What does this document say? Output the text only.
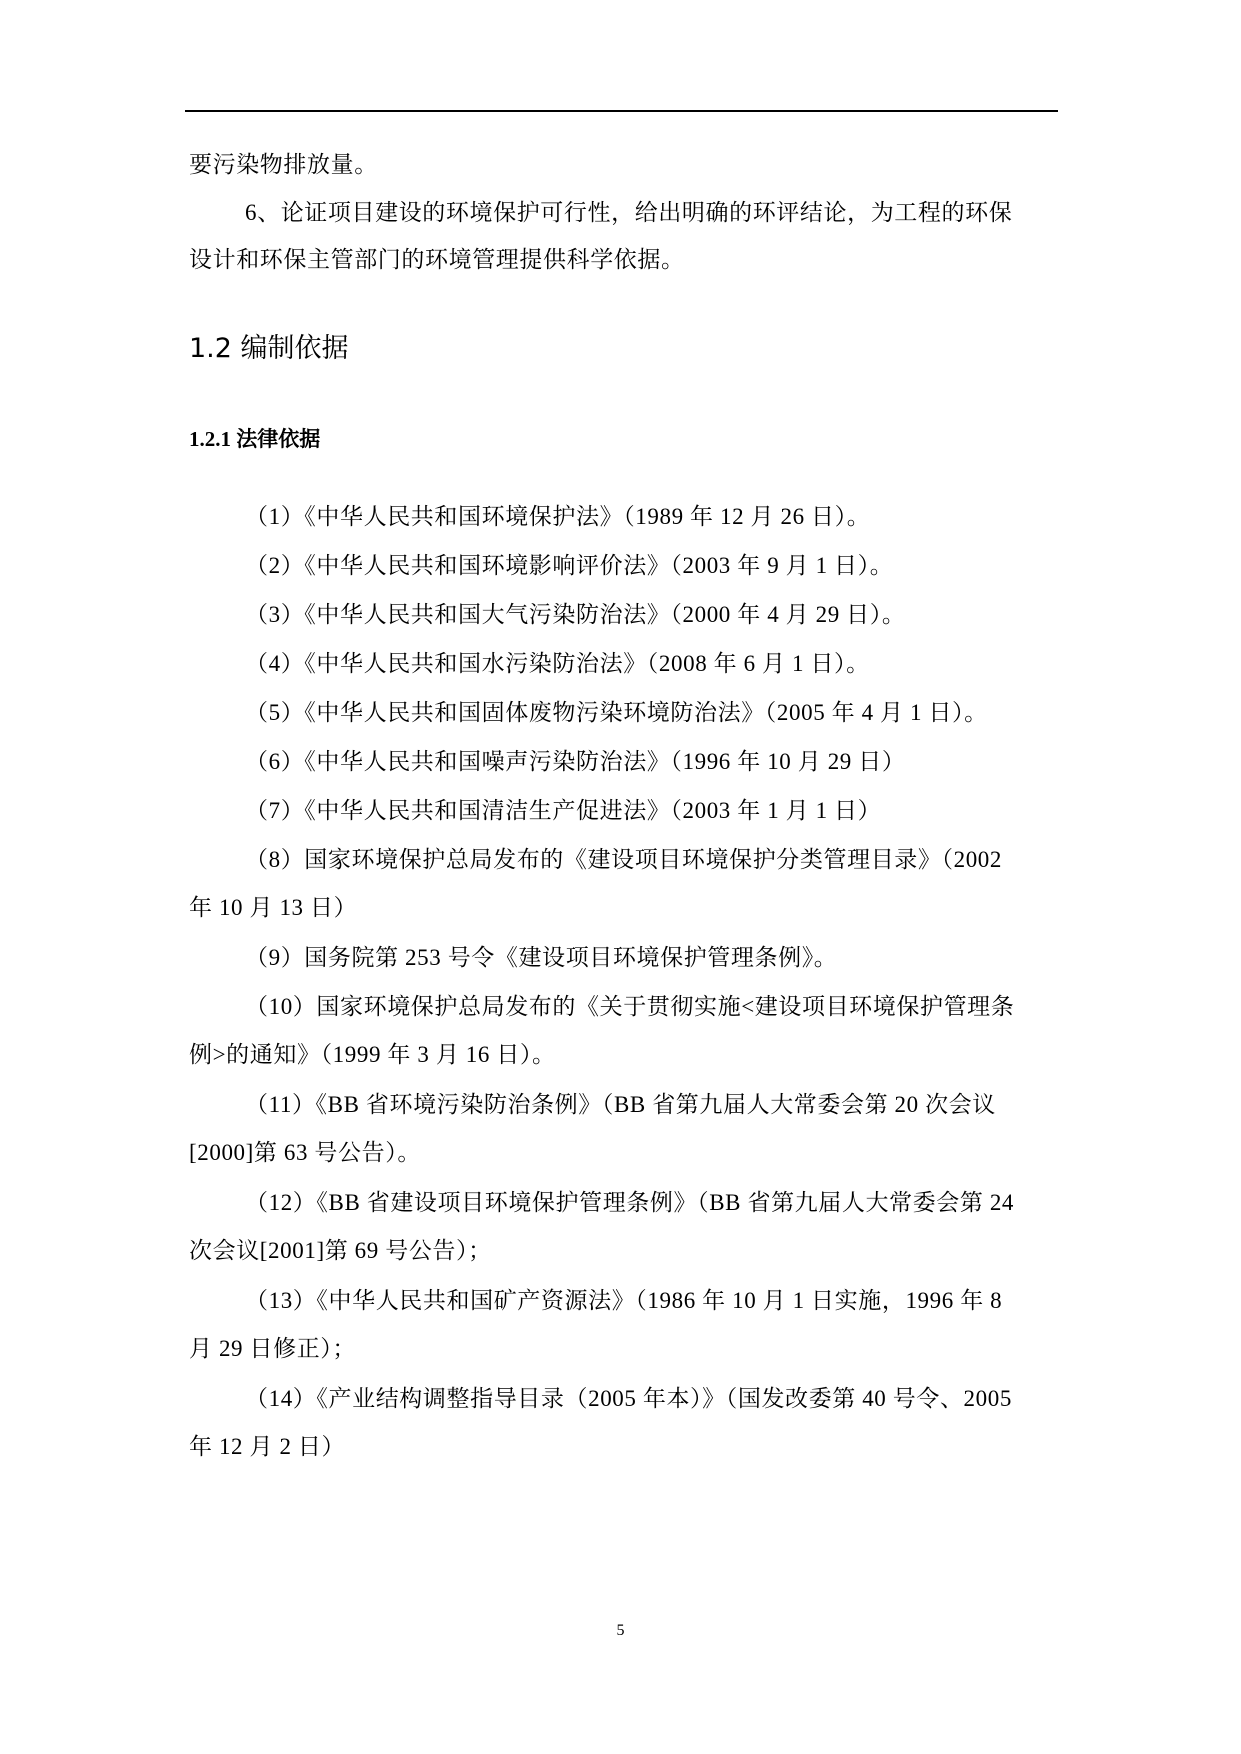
要污染物排放量。
6、论证项目建设的环境保护可行性，给出明确的环评结论，为工程的环保
设计和环保主管部门的环境管理提供科学依据。
1.2 编制依据
1.2.1 法律依据
（1）《中华人民共和国环境保护法》（1989 年 12 月 26 日）。
（2）《中华人民共和国环境影响评价法》（2003 年 9 月 1 日）。
（3）《中华人民共和国大气污染防治法》（2000 年 4 月 29 日）。
（4）《中华人民共和国水污染防治法》（2008 年 6 月 1 日）。
（5）《中华人民共和国固体废物污染环境防治法》（2005 年 4 月 1 日）。
（6）《中华人民共和国噪声污染防治法》（1996 年 10 月 29 日）
（7）《中华人民共和国清洁生产促进法》（2003 年 1 月 1 日）
（8）国家环境保护总局发布的《建设项目环境保护分类管理目录》（2002
年 10 月 13 日）
（9）国务院第 253 号令《建设项目环境保护管理条例》。
（10）国家环境保护总局发布的《关于贯彻实施<建设项目环境保护管理条
例>的通知》（1999 年 3 月 16 日）。
（11）《BB 省环境污染防治条例》（BB 省第九届人大常委会第 20 次会议
[2000]第 63 号公告）。
（12）《BB 省建设项目环境保护管理条例》（BB 省第九届人大常委会第 24
次会议[2001]第 69 号公告）；
（13）《中华人民共和国矿产资源法》（1986 年 10 月 1 日实施，1996 年 8
月 29 日修正）；
（14）《产业结构调整指导目录（2005 年本）》（国发改委第 40 号令、2005
年 12 月 2 日）
5
